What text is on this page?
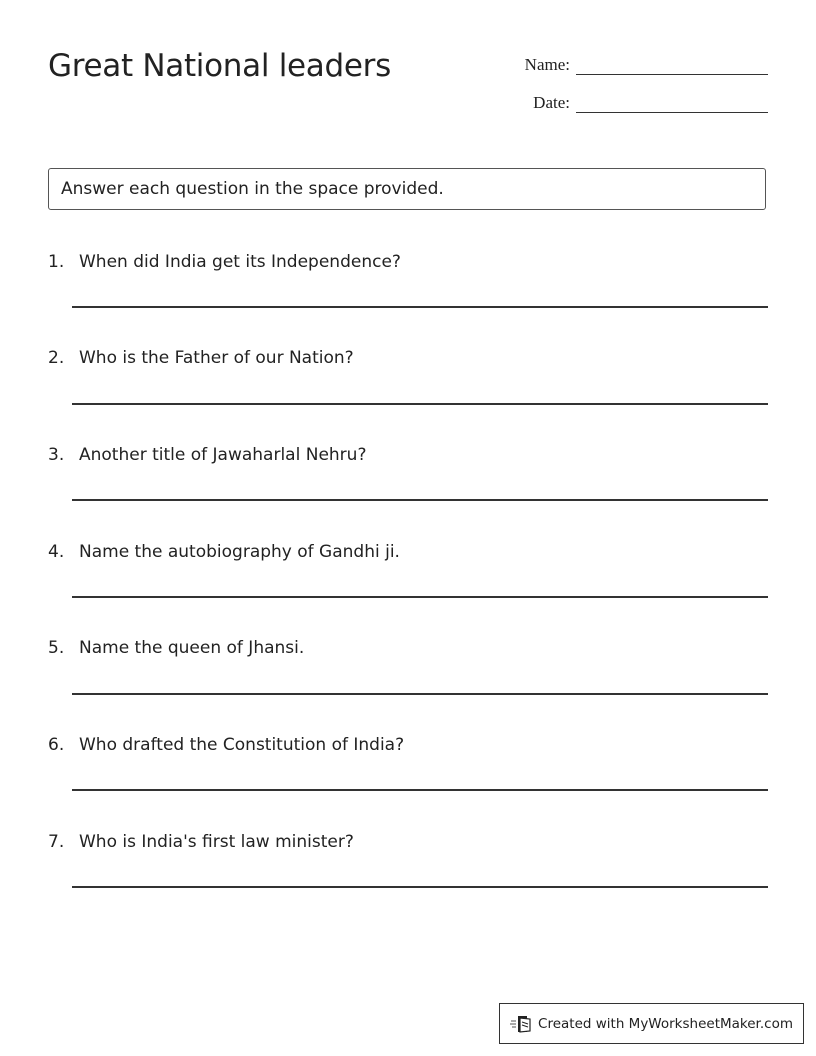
Great National leaders	Name:
Date:
Answer each question in the space provided.
1. When did India get its Independence?
2. Who is the Father of our Nation?
3. Another title of Jawaharlal Nehru?
4. Name the autobiography of Gandhi ji.
5. Name the queen of Jhansi.
6. Who drafted the Constitution of India?
7. Who is India's first law minister?
Created with MyWorksheetMaker.com
